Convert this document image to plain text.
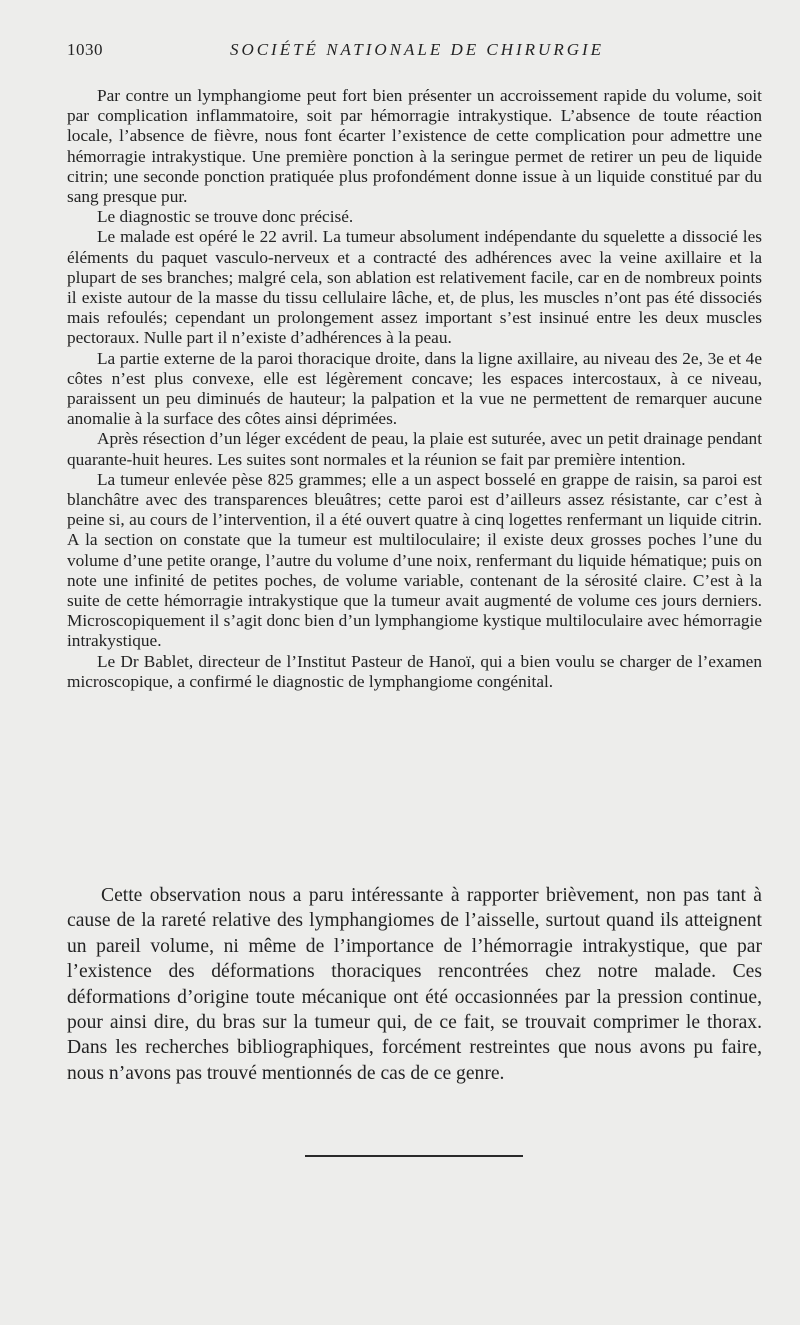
1030	SOCIÉTÉ NATIONALE DE CHIRURGIE

Par contre un lymphangiome peut fort bien présenter un accroissement rapide du volume, soit par complication inflammatoire, soit par hémorragie intrakystique. L’absence de toute réaction locale, l’absence de fièvre, nous font écarter l’existence de cette complication pour admettre une hémorragie intrakystique. Une première ponction à la seringue permet de retirer un peu de liquide citrin; une seconde ponction pratiquée plus profondément donne issue à un liquide constitué par du sang presque pur.

Le diagnostic se trouve donc précisé.

Le malade est opéré le 22 avril. La tumeur absolument indépendante du squelette a dissocié les éléments du paquet vasculo-nerveux et a contracté des adhérences avec la veine axillaire et la plupart de ses branches; malgré cela, son ablation est relativement facile, car en de nombreux points il existe autour de la masse du tissu cellulaire lâche, et, de plus, les muscles n’ont pas été dissociés mais refoulés; cependant un prolongement assez important s’est insinué entre les deux muscles pectoraux. Nulle part il n’existe d’adhérences à la peau.

La partie externe de la paroi thoracique droite, dans la ligne axillaire, au niveau des 2e, 3e et 4e côtes n’est plus convexe, elle est légèrement concave; les espaces intercostaux, à ce niveau, paraissent un peu diminués de hauteur; la palpation et la vue ne permettent de remarquer aucune anomalie à la surface des côtes ainsi déprimées.

Après résection d’un léger excédent de peau, la plaie est suturée, avec un petit drainage pendant quarante-huit heures. Les suites sont normales et la réunion se fait par première intention.

La tumeur enlevée pèse 825 grammes; elle a un aspect bosselé en grappe de raisin, sa paroi est blanchâtre avec des transparences bleuâtres; cette paroi est d’ailleurs assez résistante, car c’est à peine si, au cours de l’intervention, il a été ouvert quatre à cinq logettes renfermant un liquide citrin. A la section on constate que la tumeur est multiloculaire; il existe deux grosses poches l’une du volume d’une petite orange, l’autre du volume d’une noix, renfermant du liquide hématique; puis on note une infinité de petites poches, de volume variable, contenant de la sérosité claire. C’est à la suite de cette hémorragie intrakystique que la tumeur avait augmenté de volume ces jours derniers. Microscopiquement il s’agit donc bien d’un lymphangiome kystique multiloculaire avec hémorragie intrakystique.

Le Dr Bablet, directeur de l’Institut Pasteur de Hanoï, qui a bien voulu se charger de l’examen microscopique, a confirmé le diagnostic de lymphangiome congénital.

Cette observation nous a paru intéressante à rapporter brièvement, non pas tant à cause de la rareté relative des lymphangiomes de l’aisselle, surtout quand ils atteignent un pareil volume, ni même de l’importance de l’hémorragie intrakystique, que par l’existence des déformations thoraciques rencontrées chez notre malade. Ces déformations d’origine toute mécanique ont été occasionnées par la pression continue, pour ainsi dire, du bras sur la tumeur qui, de ce fait, se trouvait comprimer le thorax. Dans les recherches bibliographiques, forcément restreintes que nous avons pu faire, nous n’avons pas trouvé mentionnés de cas de ce genre.
